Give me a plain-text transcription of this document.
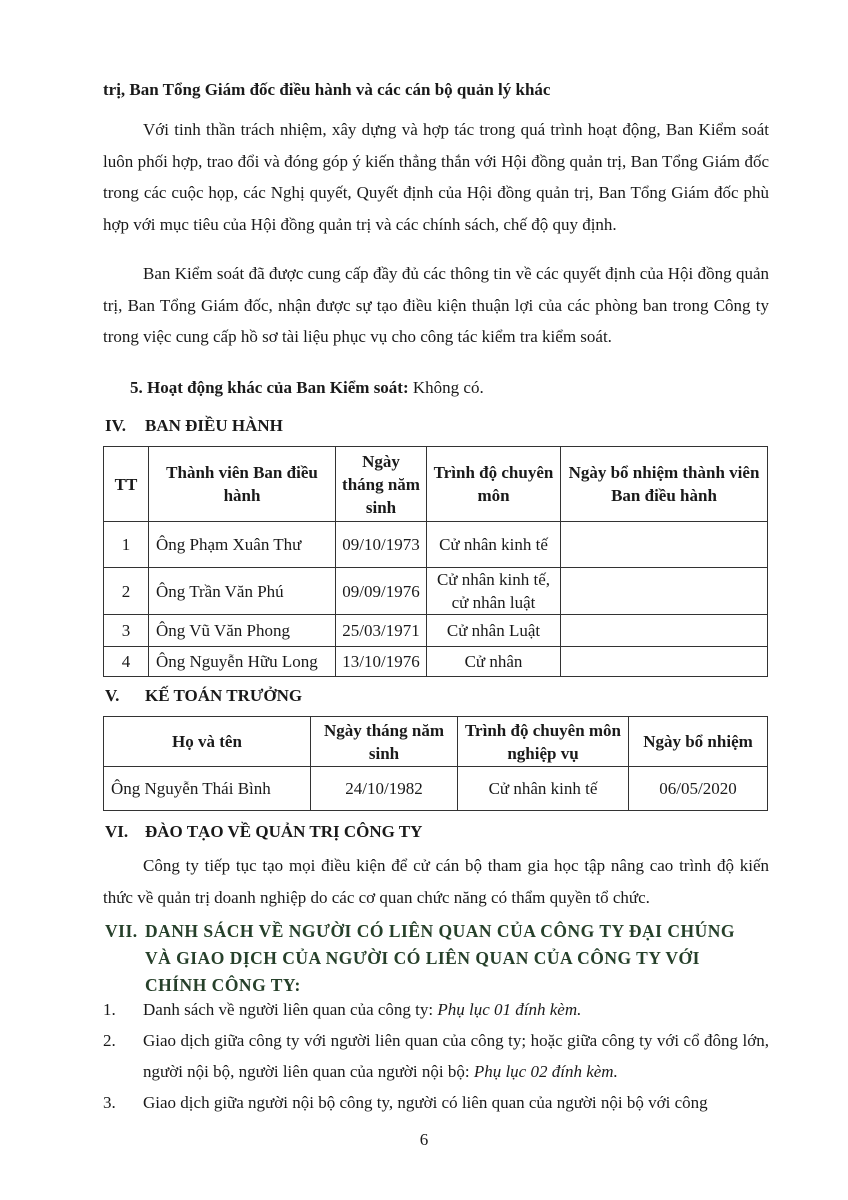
trị, Ban Tổng Giám đốc điều hành và các cán bộ quản lý khác
Với tinh thần trách nhiệm, xây dựng và hợp tác trong quá trình hoạt động, Ban Kiểm soát luôn phối hợp, trao đổi và đóng góp ý kiến thẳng thắn với Hội đồng quản trị, Ban Tổng Giám đốc trong các cuộc họp, các Nghị quyết, Quyết định của Hội đồng quản trị, Ban Tổng Giám đốc phù hợp với mục tiêu của Hội đồng quản trị và các chính sách, chế độ quy định.
Ban Kiểm soát đã được cung cấp đầy đủ các thông tin về các quyết định của Hội đồng quản trị, Ban Tổng Giám đốc, nhận được sự tạo điều kiện thuận lợi của các phòng ban trong Công ty trong việc cung cấp hồ sơ tài liệu phục vụ cho công tác kiểm tra kiểm soát.
5. Hoạt động khác của Ban Kiểm soát: Không có.
IV. BAN ĐIỀU HÀNH
TT	Thành viên Ban điều hành	Ngày tháng năm sinh	Trình độ chuyên môn	Ngày bổ nhiệm thành viên Ban điều hành
1	Ông Phạm Xuân Thư	09/10/1973	Cử nhân kinh tế	
2	Ông Trần Văn Phú	09/09/1976	Cử nhân kinh tế, cử nhân luật	
3	Ông Vũ Văn Phong	25/03/1971	Cử nhân Luật	
4	Ông Nguyễn Hữu Long	13/10/1976	Cử nhân	
V. KẾ TOÁN TRƯỞNG
Họ và tên	Ngày tháng năm sinh	Trình độ chuyên môn nghiệp vụ	Ngày bổ nhiệm
Ông Nguyễn Thái Bình	24/10/1982	Cử nhân kinh tế	06/05/2020
VI. ĐÀO TẠO VỀ QUẢN TRỊ CÔNG TY
Công ty tiếp tục tạo mọi điều kiện để cử cán bộ tham gia học tập nâng cao trình độ kiến thức về quản trị doanh nghiệp do các cơ quan chức năng có thẩm quyền tổ chức.
VII. DANH SÁCH VỀ NGƯỜI CÓ LIÊN QUAN CỦA CÔNG TY ĐẠI CHÚNG
VÀ GIAO DỊCH CỦA NGƯỜI CÓ LIÊN QUAN CỦA CÔNG TY VỚI
CHÍNH CÔNG TY:
1. Danh sách về người liên quan của công ty: Phụ lục 01 đính kèm.
2. Giao dịch giữa công ty với người liên quan của công ty; hoặc giữa công ty với cổ đông lớn, người nội bộ, người liên quan của người nội bộ: Phụ lục 02 đính kèm.
3. Giao dịch giữa người nội bộ công ty, người có liên quan của người nội bộ với công
6
